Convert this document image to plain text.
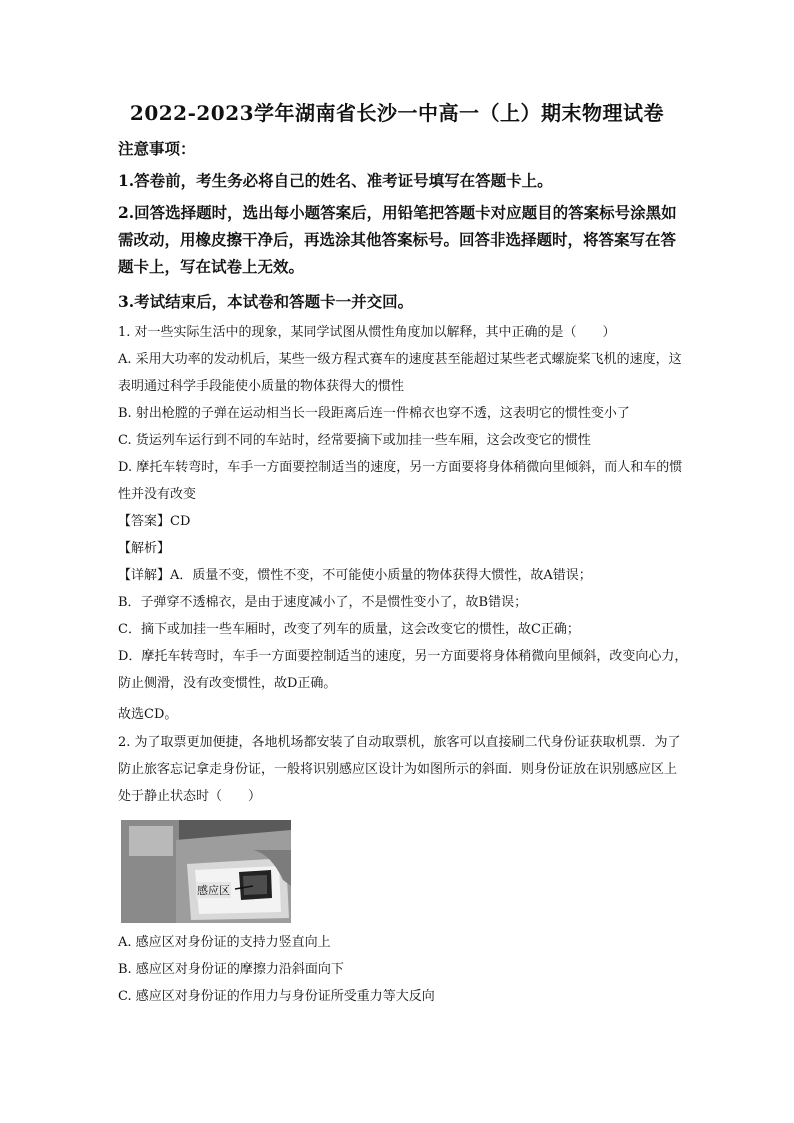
2022-2023学年湖南省长沙一中高一（上）期末物理试卷

注意事项：

1.答卷前，考生务必将自己的姓名、准考证号填写在答题卡上。

2.回答选择题时，选出每小题答案后，用铅笔把答题卡对应题目的答案标号涂黑如需改动，用橡皮擦干净后，再选涂其他答案标号。回答非选择题时，将答案写在答题卡上，写在试卷上无效。

3.考试结束后，本试卷和答题卡一并交回。

1. 对一些实际生活中的现象，某同学试图从惯性角度加以解释，其中正确的是（　　）

A. 采用大功率的发动机后，某些一级方程式赛车的速度甚至能超过某些老式螺旋桨飞机的速度，这表明通过科学手段能使小质量的物体获得大的惯性

B. 射出枪膛的子弹在运动相当长一段距离后连一件棉衣也穿不透，这表明它的惯性变小了

C. 货运列车运行到不同的车站时，经常要摘下或加挂一些车厢，这会改变它的惯性

D. 摩托车转弯时，车手一方面要控制适当的速度，另一方面要将身体稍微向里倾斜，而人和车的惯性并没有改变

【答案】CD

【解析】

【详解】A．质量不变，惯性不变，不可能使小质量的物体获得大惯性，故A错误；

B．子弹穿不透棉衣，是由于速度减小了，不是惯性变小了，故B错误；

C．摘下或加挂一些车厢时，改变了列车的质量，这会改变它的惯性，故C正确；

D．摩托车转弯时，车手一方面要控制适当的速度，另一方面要将身体稍微向里倾斜，改变向心力，防止侧滑，没有改变惯性，故D正确。

故选CD。

2. 为了取票更加便捷，各地机场都安装了自动取票机，旅客可以直接刷二代身份证获取机票．为了防止旅客忘记拿走身份证，一般将识别感应区设计为如图所示的斜面．则身份证放在识别感应区上处于静止状态时（　　）

感应区

A. 感应区对身份证的支持力竖直向上

B. 感应区对身份证的摩擦力沿斜面向下

C. 感应区对身份证的作用力与身份证所受重力等大反向
